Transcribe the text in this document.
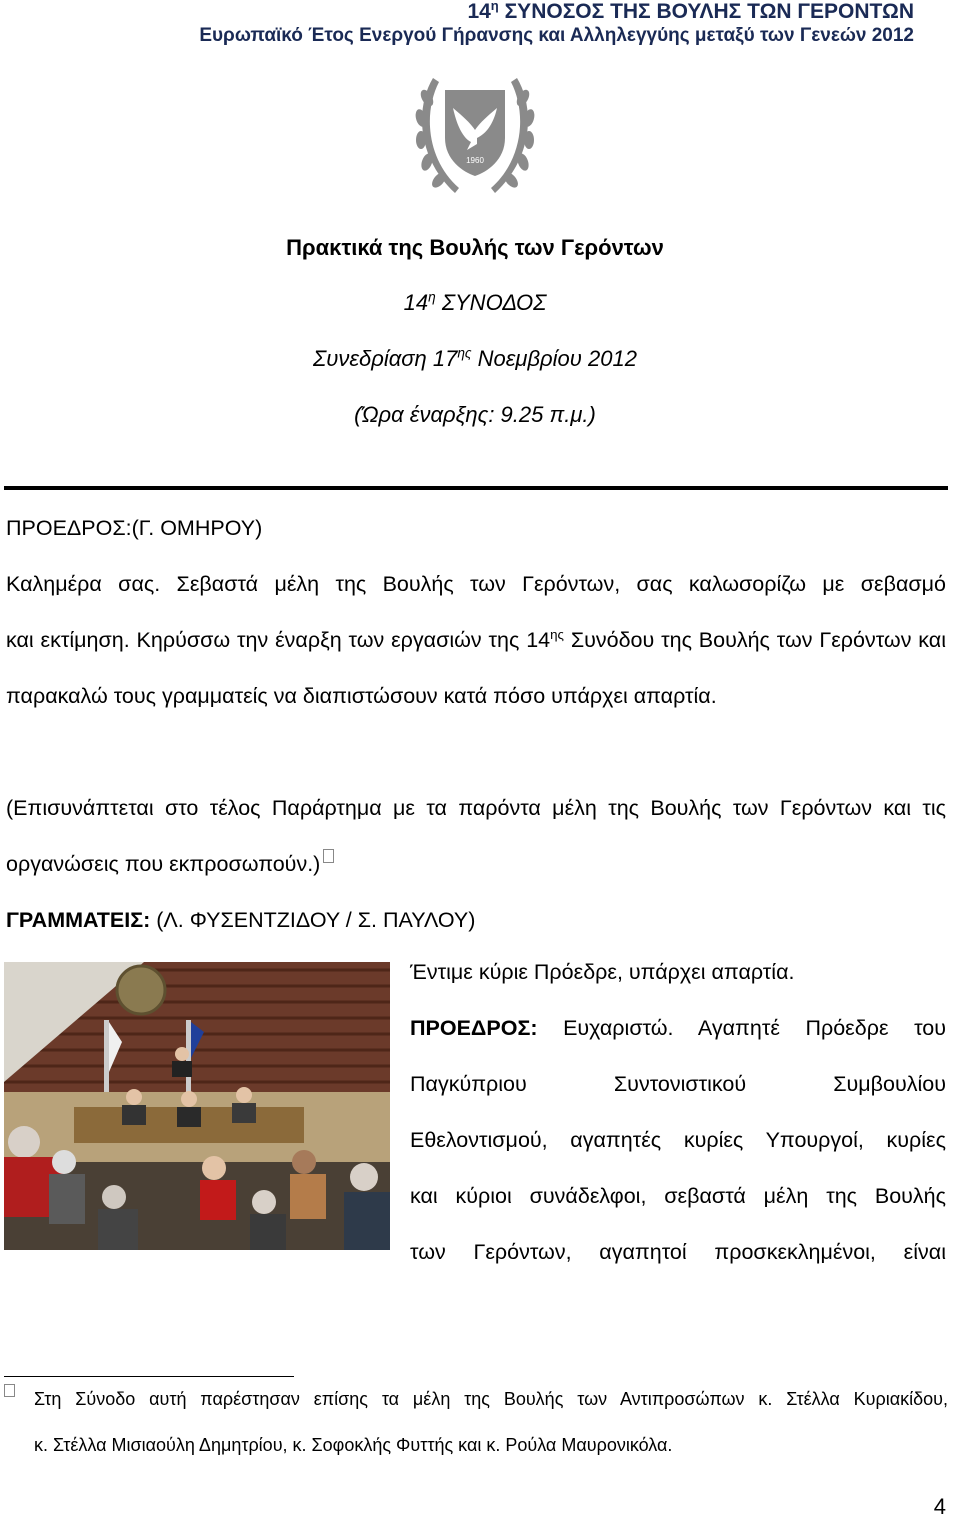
$14^\eta$ ΣΥΝΟΣΟΣ ΤΗΣ ΒΟΥΛΗΣ ΤΩΝ ΓΕΡΟΝΤΩΝ
Ευρωπαϊκό Έτος Ενεργού Γήρανσης και Αλληλεγγύης μεταξύ των Γενεών 2012
1960
Πρακτικά της Βουλής των Γερόντων
$14^\eta$ ΣΥΝΟΔΟΣ
Συνεδρίαση $17^{\eta\varsigma}$ Νοεμβρίου 2012
(Ώρα έναρξης: 9.25 π.μ.)
ΠΡΟΕΔΡΟΣ:(Γ. ΟΜΗΡΟΥ)
Καλημέρα σας. Σεβαστά μέλη της Βουλής των Γερόντων, σας καλωσορίζω με σεβασμό
και εκτίμηση. Κηρύσσω την έναρξη των εργασιών της $14^{\eta\varsigma}$ Συνόδου της Βουλής των Γερόντων και παρακαλώ τους γραμματείς να διαπιστώσουν κατά πόσο υπάρχει απαρτία.
(Επισυνάπτεται στο τέλος Παράρτημα με τα παρόντα μέλη της Βουλής των Γερόντων και τις οργανώσεις που εκπροσωπούν.)
ΓΡΑΜΜΑΤΕΙΣ: (Λ. ΦΥΣΕΝΤΖΙΔΟΥ / Σ. ΠΑΥΛΟΥ)
Έντιμε κύριε Πρόεδρε, υπάρχει απαρτία.
ΠΡΟΕΔΡΟΣ: Ευχαριστώ. Αγαπητέ Πρόεδρε του
Παγκύπριου Συντονιστικού Συμβουλίου
Εθελοντισμού, αγαπητές κυρίες Υπουργοί, κυρίες
και κύριοι συνάδελφοι, σεβαστά μέλη της Βουλής
των Γερόντων, αγαπητοί προσκεκλημένοι, είναι
Στη Σύνοδο αυτή παρέστησαν επίσης τα μέλη της Βουλής των Αντιπροσώπων κ. Στέλλα Κυριακίδου,
κ. Στέλλα Μισιαούλη Δημητρίου, κ. Σοφοκλής Φυττής και κ. Ρούλα Μαυρονικόλα.
4
